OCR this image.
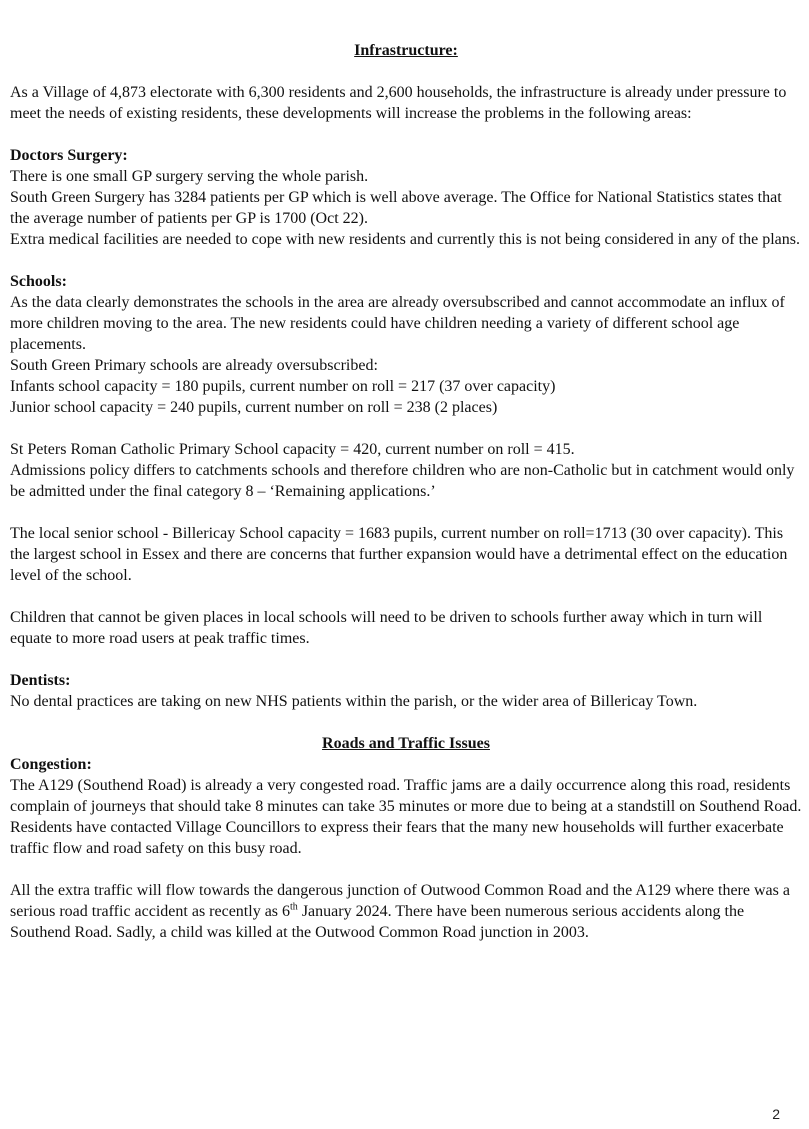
Infrastructure:

As a Village of 4,873 electorate with 6,300 residents and 2,600 households, the infrastructure is already under pressure to meet the needs of existing residents, these developments will increase the problems in the following areas:

Doctors Surgery:

There is one small GP surgery serving the whole parish.

South Green Surgery has 3284 patients per GP which is well above average. The Office for National Statistics states that the average number of patients per GP is 1700 (Oct 22).

Extra medical facilities are needed to cope with new residents and currently this is not being considered in any of the plans.

Schools:

As the data clearly demonstrates the schools in the area are already oversubscribed and cannot accommodate an influx of more children moving to the area. The new residents could have children needing a variety of different school age placements.

South Green Primary schools are already oversubscribed:

Infants school capacity = 180 pupils, current number on roll = 217 (37 over capacity)

Junior school capacity = 240 pupils, current number on roll = 238 (2 places)

St Peters Roman Catholic Primary School capacity = 420, current number on roll = 415.

Admissions policy differs to catchments schools and therefore children who are non-Catholic but in catchment would only be admitted under the final category 8 – ‘Remaining applications.’

The local senior school - Billericay School capacity = 1683 pupils, current number on roll=1713 (30 over capacity). This the largest school in Essex and there are concerns that further expansion would have a detrimental effect on the education level of the school.

Children that cannot be given places in local schools will need to be driven to schools further away which in turn will equate to more road users at peak traffic times.

Dentists:

No dental practices are taking on new NHS patients within the parish, or the wider area of Billericay Town.

Roads and Traffic Issues

Congestion:

The A129 (Southend Road) is already a very congested road. Traffic jams are a daily occurrence along this road, residents complain of journeys that should take 8 minutes can take 35 minutes or more due to being at a standstill on Southend Road. Residents have contacted Village Councillors to express their fears that the many new households will further exacerbate traffic flow and road safety on this busy road.

All the extra traffic will flow towards the dangerous junction of Outwood Common Road and the A129 where there was a serious road traffic accident as recently as 6th January 2024. There have been numerous serious accidents along the Southend Road. Sadly, a child was killed at the Outwood Common Road junction in 2003.

2
